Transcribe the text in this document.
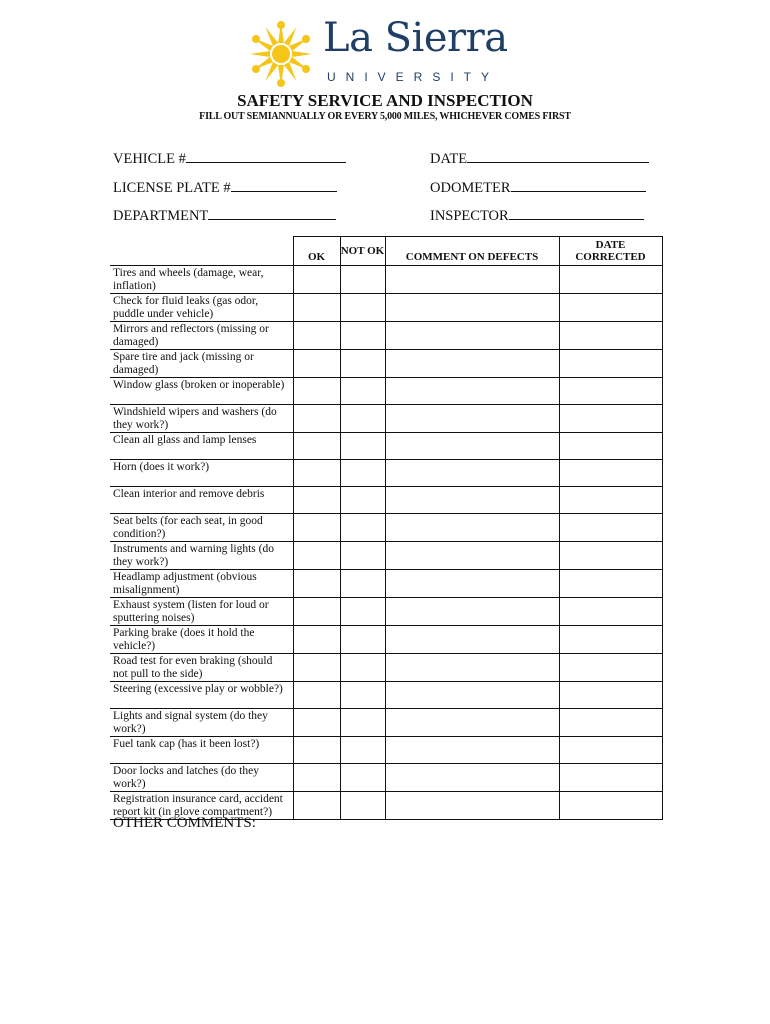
La Sierra
UNIVERSITY
SAFETY SERVICE AND INSPECTION
FILL OUT SEMIANNUALLY OR EVERY 5,000 MILES, WHICHEVER COMES FIRST
VEHICLE #	DATE
LICENSE PLATE #	ODOMETER
DEPARTMENT	INSPECTOR
	OK	NOT OK	COMMENT ON DEFECTS	DATE CORRECTED
Tires and wheels (damage, wear, inflation)				
Check for fluid leaks (gas odor, puddle under vehicle)				
Mirrors and reflectors (missing or damaged)				
Spare tire and jack (missing or damaged)				
Window glass (broken or inoperable)				
Windshield wipers and washers (do they work?)				
Clean all glass and lamp lenses				
Horn (does it work?)				
Clean interior and remove debris				
Seat belts (for each seat, in good condition?)				
Instruments and warning lights (do they work?)				
Headlamp adjustment (obvious misalignment)				
Exhaust system (listen for loud or sputtering noises)				
Parking brake (does it hold the vehicle?)				
Road test for even braking (should not pull to the side)				
Steering (excessive play or wobble?)				
Lights and signal system (do they work?)				
Fuel tank cap (has it been lost?)				
Door locks and latches (do they work?)				
Registration insurance card, accident report kit (in glove compartment?)				
OTHER COMMENTS:
